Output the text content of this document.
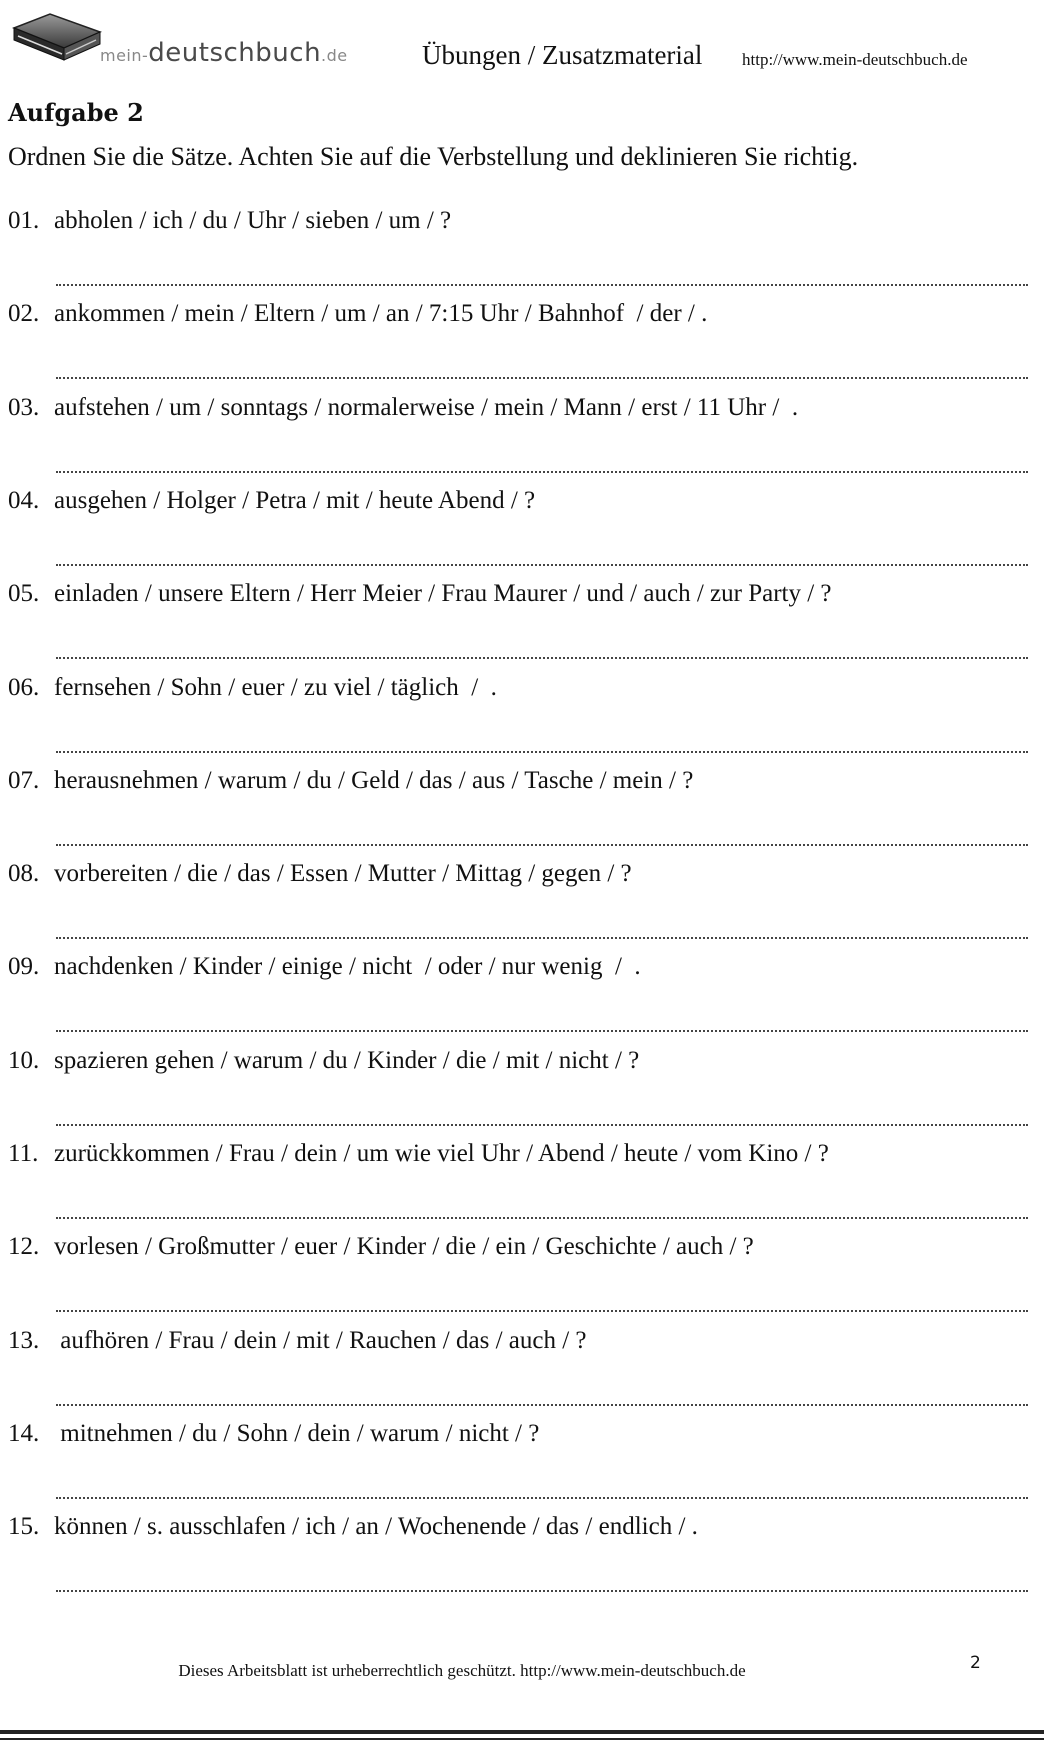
mein-deutschbuch.de	Übungen / Zusatzmaterial http://www.mein-deutschbuch.de
Aufgabe 2
Ordnen Sie die Sätze. Achten Sie auf die Verbstellung und deklinieren Sie richtig.
01. abholen / ich / du / Uhr / sieben / um / ?
02. ankommen / mein / Eltern / um / an / 7:15 Uhr / Bahnhof  / der / .
03. aufstehen / um / sonntags / normalerweise / mein / Mann / erst / 11 Uhr /  .
04. ausgehen / Holger / Petra / mit / heute Abend / ?
05. einladen / unsere Eltern / Herr Meier / Frau Maurer / und / auch / zur Party / ?
06. fernsehen / Sohn / euer / zu viel / täglich  /  .
07. herausnehmen / warum / du / Geld / das / aus / Tasche / mein / ?
08. vorbereiten / die / das / Essen / Mutter / Mittag / gegen / ?
09. nachdenken / Kinder / einige / nicht  / oder / nur wenig  /  .
10. spazieren gehen / warum / du / Kinder / die / mit / nicht / ?
11. zurückkommen / Frau / dein / um wie viel Uhr / Abend / heute / vom Kino / ?
12. vorlesen / Großmutter / euer / Kinder / die / ein / Geschichte / auch / ?
13. aufhören / Frau / dein / mit / Rauchen / das / auch / ?
14. mitnehmen / du / Sohn / dein / warum / nicht / ?
15. können / s. ausschlafen / ich / an / Wochenende / das / endlich / .
Dieses Arbeitsblatt ist urheberrechtlich geschützt. http://www.mein-deutschbuch.de	2
